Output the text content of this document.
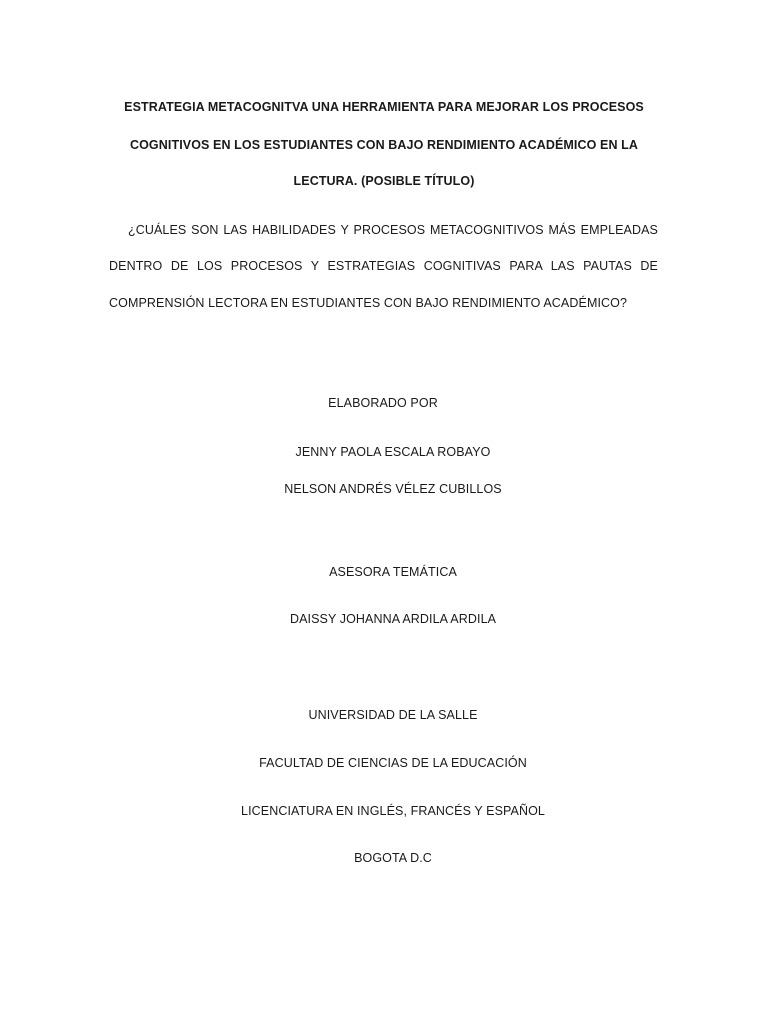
ESTRATEGIA METACOGNITVA UNA HERRAMIENTA PARA MEJORAR LOS PROCESOS
COGNITIVOS EN LOS ESTUDIANTES CON BAJO RENDIMIENTO ACADÉMICO EN LA
LECTURA. (POSIBLE TÍTULO)
¿CUÁLES SON LAS HABILIDADES Y PROCESOS METACOGNITIVOS MÁS EMPLEADAS
DENTRO DE LOS PROCESOS Y ESTRATEGIAS COGNITIVAS PARA LAS PAUTAS DE
COMPRENSIÓN LECTORA EN ESTUDIANTES CON BAJO RENDIMIENTO ACADÉMICO?
ELABORADO POR
JENNY PAOLA ESCALA ROBAYO
NELSON ANDRÉS VÉLEZ CUBILLOS
ASESORA TEMÁTICA
DAISSY JOHANNA ARDILA ARDILA
UNIVERSIDAD DE LA SALLE
FACULTAD DE CIENCIAS DE LA EDUCACIÓN
LICENCIATURA EN INGLÉS, FRANCÉS Y ESPAÑOL
BOGOTA D.C
